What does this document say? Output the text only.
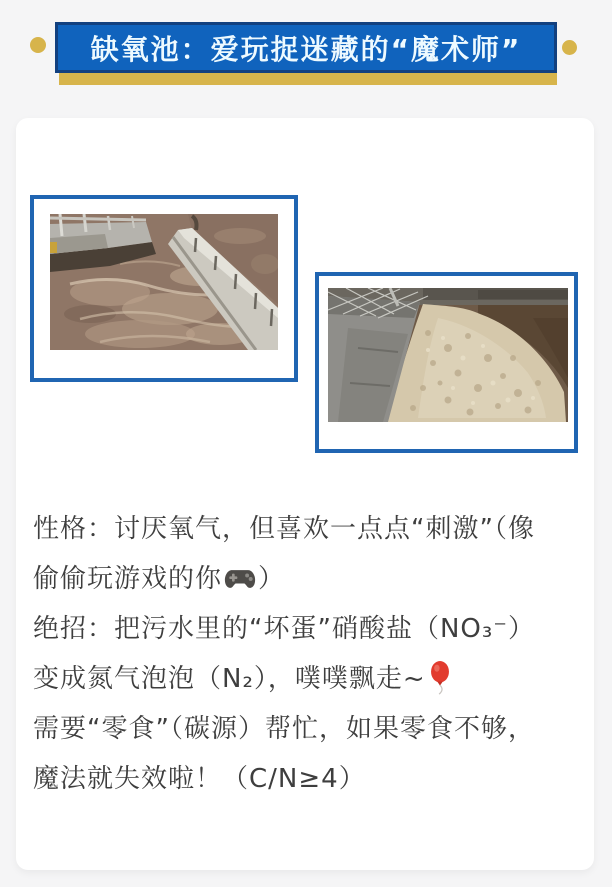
缺氧池：爱玩捉迷藏的“魔术师”

性格：讨厌氧气，但喜欢一点点“刺激”（像

偷偷玩游戏的你 ）

绝招：把污水里的“坏蛋”硝酸盐（NO₃⁻）

变成氮气泡泡（N₂），噗噗飘走~

需要“零食”（碳源）帮忙，如果零食不够，

魔法就失效啦！（C/N≥4）
